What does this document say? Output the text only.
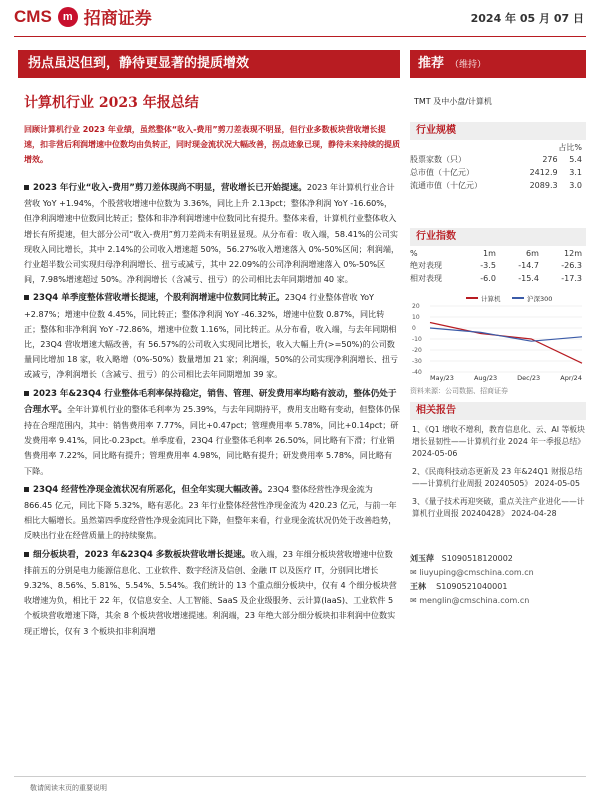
CMS	m 招商证券	2024 年 05 月 07 日
拐点虽迟但到，静待更显著的提质增效	推荐 （维持）
TMT 及中小盘/计算机
计算机行业 2023 年报总结
回顾计算机行业 2023 年业绩，虽然整体“收入-费用”剪刀差表现不明显，但行业多数板块营收增长提速，扣非营后利润增速中位数均由负转正，同时现金流状况大幅改善，拐点迹象已现，静待未来持续的提质增效。

2023 年行业“收入-费用”剪刀差体现尚不明显，营收增长已开始提速。2023 年计算机行业合计营收 YoY +1.94%，个股营收增速中位数为 3.36%，同比上升 2.13pct；整体净利润 YoY -16.60%，但净利润增速中位数同比转正；整体和非净利润增速中位数同比有提升。整体来看，计算机行业整体收入增长有所提速，但大部分公司“收入-费用”剪刀差尚未有明显显现。从分布看：收入端，58.41%的公司实现收入同比增长，其中 2.14%的公司收入增速超 50%，56.27%收入增速落入 0%-50%区间；利润端，行业超半数公司实现归母净利润增长、扭亏或减亏，其中 22.09%的公司净利润增速落入 0%-50%区间，7.98%增速超过 50%。净利润增长（含减亏、扭亏）的公司相比去年同期增加 40 家。

23Q4 单季度整体营收增长提速，个股利润增速中位数同比转正。23Q4 行业整体营收 YoY +2.87%；增速中位数 4.45%，同比转正；整体净利润 YoY -46.32%，增速中位数 0.87%，同比转正；整体和非净利润 YoY -72.86%，增速中位数 1.16%，同比转正。从分布看，收入端，与去年同期相比，23Q4 营收增速大幅改善，有 56.57%的公司收入实现同比增长，收入大幅上升(>=50%)的公司数量同比增加 18 家，收入略增（0%-50%）数量增加 21 家；利润端，50%的公司实现净利润增长、扭亏或减亏，净利润增长（含减亏、扭亏）的公司相比去年同期增加 39 家。

2023 年&23Q4 行业整体毛利率保持稳定，销售、管理、研发费用率均略有波动，整体仍处于合理水平。全年计算机行业的整体毛利率为 25.39%，与去年同期持平，费用支出略有变动，但整体仍保持在合理范围内，其中：销售费用率 7.77%，同比+0.47pct；管理费用率 5.78%，同比+0.14pct；研发费用率 9.41%，同比-0.23pct。单季度看，23Q4 行业整体毛利率 26.50%，同比略有下滑；行业销售费用率 7.22%，同比略有提升；管理费用率 4.98%，同比略有提升；研发费用率 5.78%，同比略有下降。

23Q4 经营性净现金流状况有所恶化，但全年实现大幅改善。23Q4 整体经营性净现金流为 866.45 亿元，同比下降 5.32%，略有恶化。23 年行业整体经营性净现金流为 420.23 亿元，与前一年相比大幅增长。虽然第四季度经营性净现金流同比下降，但整年来看，行业现金流状况仍处于改善趋势，反映出行业在经营质量上的持续聚焦。

细分板块看，2023 年&23Q4 多数板块营收增长提速。收入端，23 年细分板块营收增速中位数排前五的分别是电力能源信息化、工业软件、数字经济及信创、金融 IT 以及医疗 IT，分别同比增长 9.32%、8.56%、5.81%、5.54%、5.54%。我们统计的 13 个重点细分板块中，仅有 4 个细分板块营收增速为负，相比于 22 年，仅信息安全、人工智能、SaaS 及企业级服务、云计算(IaaS)、工业软件 5 个板块营收增速下降，其余 8 个板块营收增速提速。利润端，23 年绝大部分细分板块扣非利润中位数实现正增长，仅有 3 个板块扣非利润增

行业规模
占比%
股票家数（只）	276	5.4
总市值（十亿元）	2412.9	3.1
流通市值（十亿元）	2089.3	3.0
行业指数
%	1m	6m	12m
绝对表现	-3.5	-14.7	-26.3
相对表现	-6.0	-15.4	-17.3
20
10
0
-10
-20
-30
-40
计算机	沪深300
May/23	Aug/23	Dec/23	Apr/24
资料来源：公司数据、招商证券
相关报告
1、《Q1 增收不增利，教育信息化、云、AI 等板块增长显韧性——计算机行业 2024 年一季报总结》 2024-05-06
2、《民商科技动态更新及 23 年&24Q1 财报总结——计算机行业周报 20240505》 2024-05-05
3、《量子技术再迎突破，重点关注产业进化——计算机行业周报 20240428》 2024-04-28
刘玉萍 S1090518120002
✉ liuyuping@cmschina.com.cn
王林 S1090521040001
✉ menglin@cmschina.com.cn
敬请阅读末页的重要说明
